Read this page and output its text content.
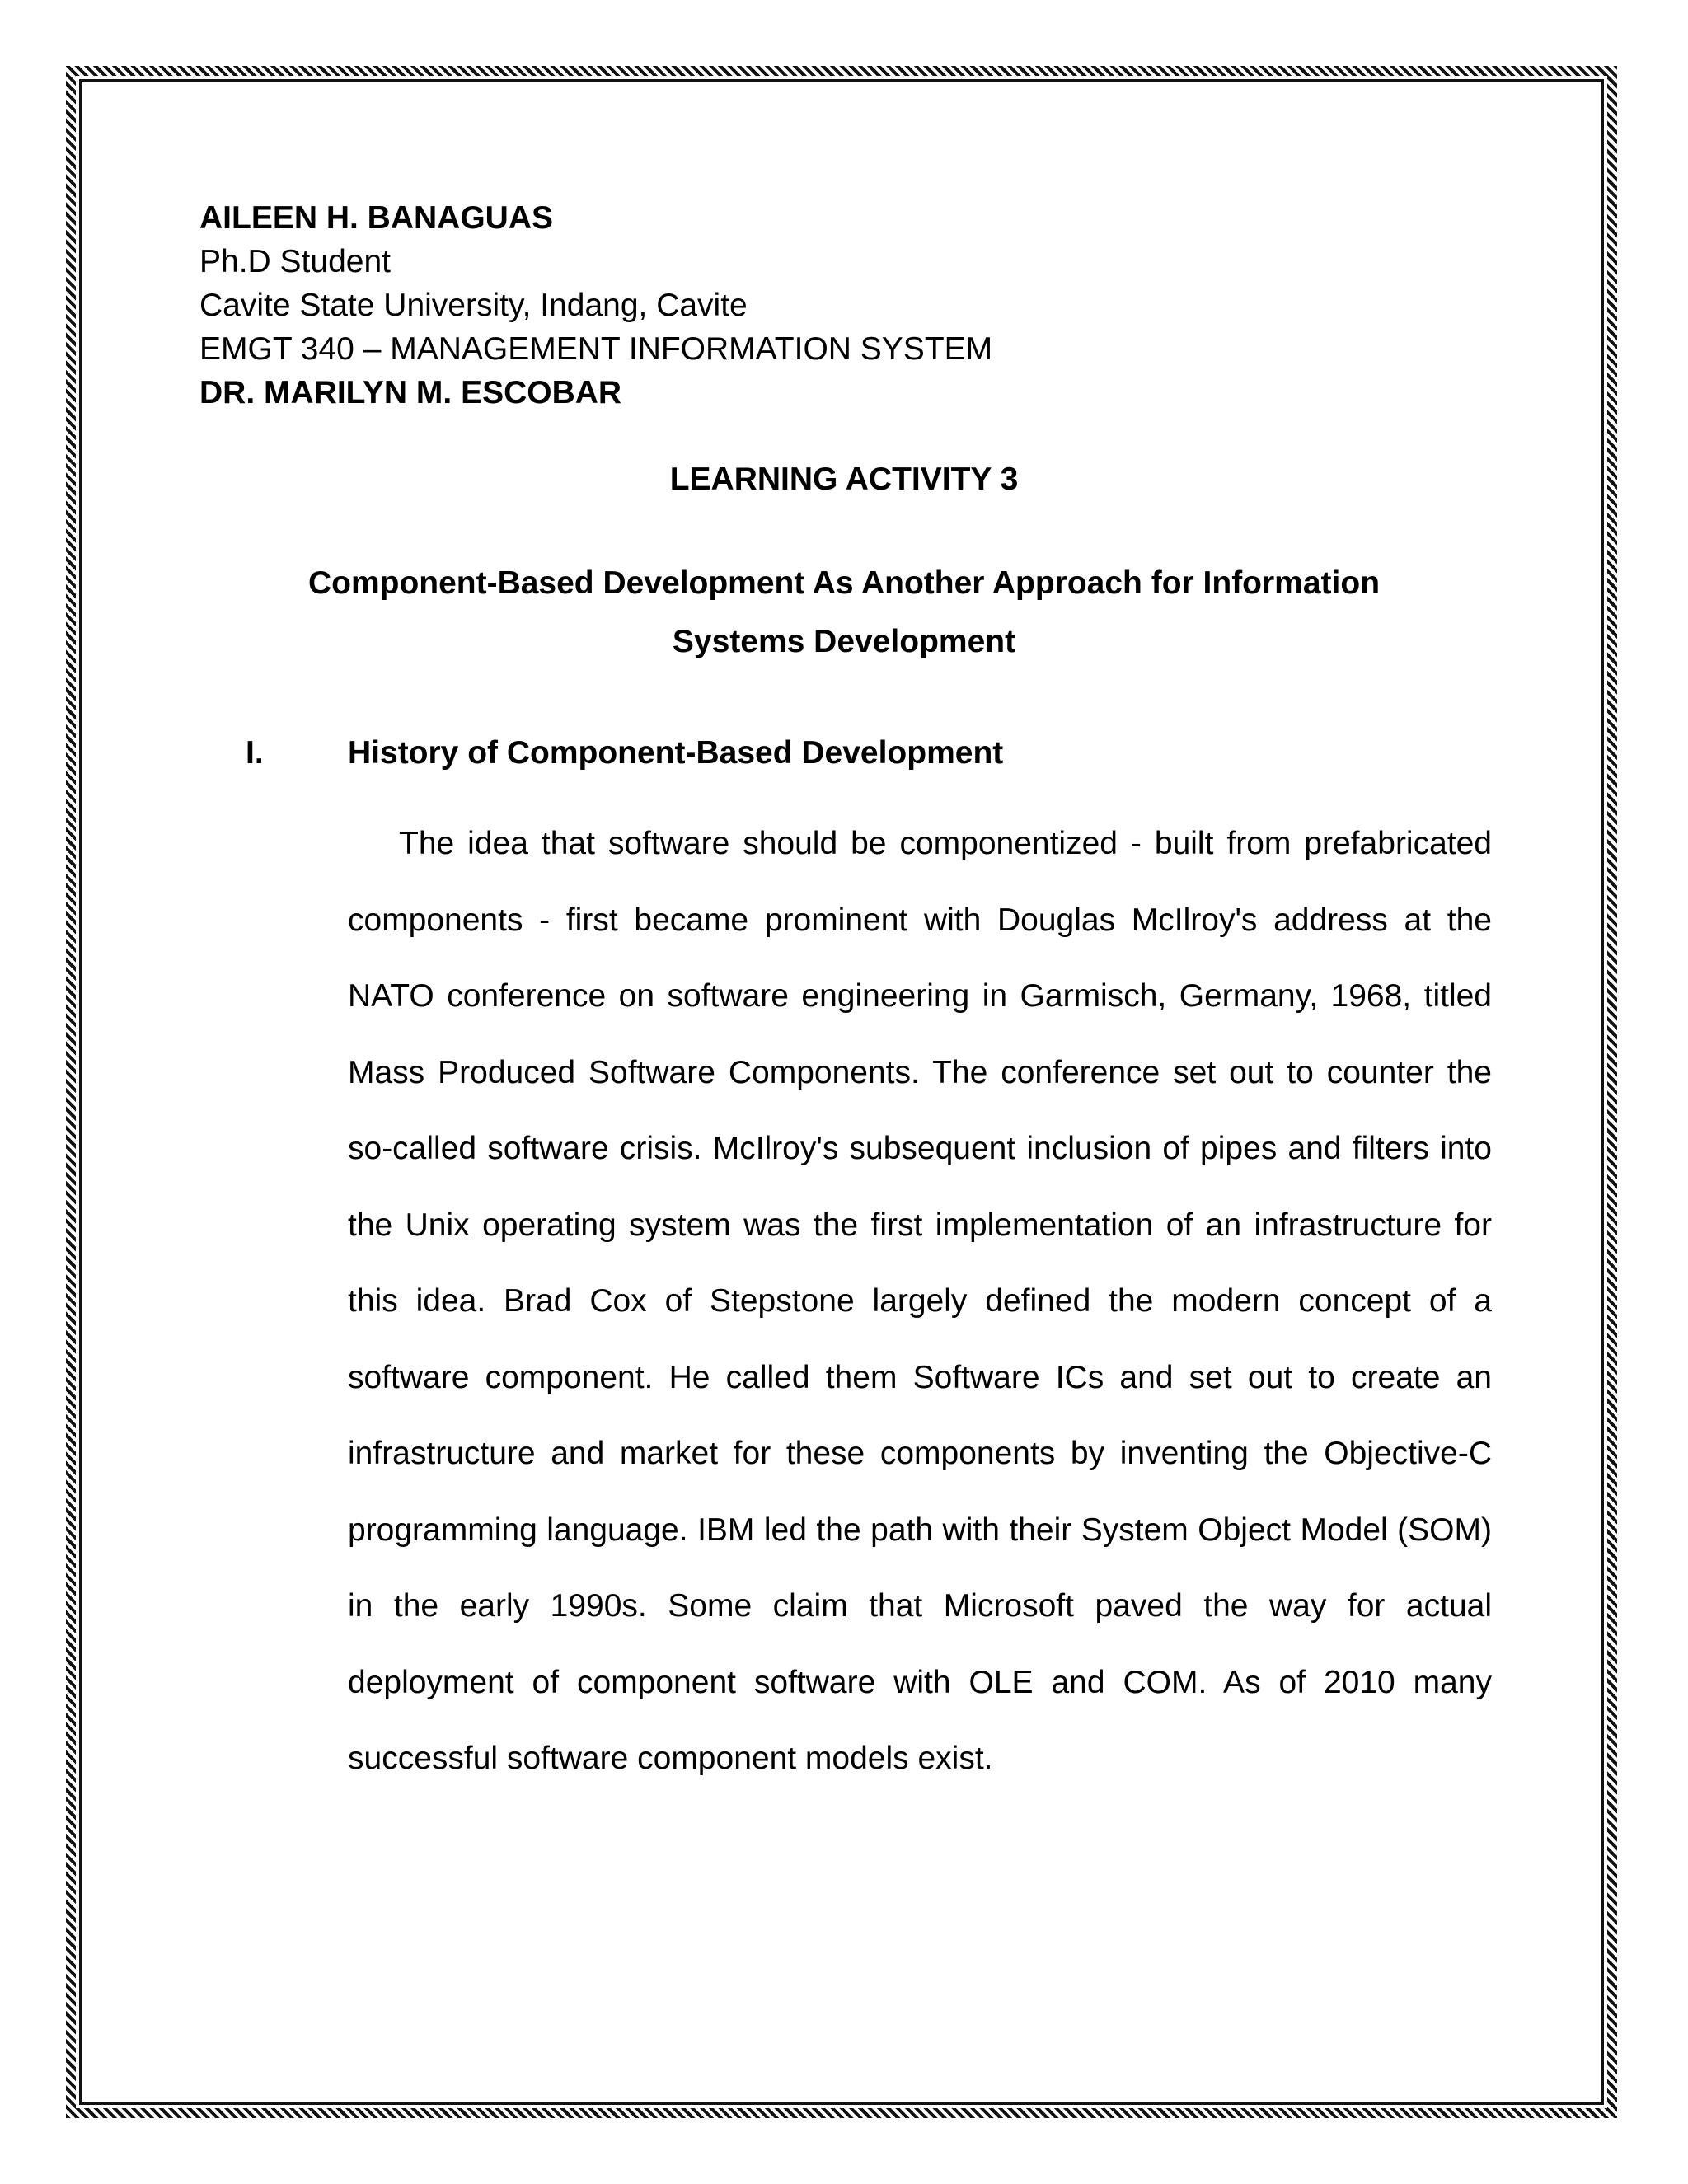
AILEEN H. BANAGUAS
Ph.D Student
Cavite State University, Indang, Cavite
EMGT 340 – MANAGEMENT INFORMATION SYSTEM
DR. MARILYN M. ESCOBAR
LEARNING ACTIVITY 3
Component-Based Development As Another Approach for Information Systems Development
I.	History of Component-Based Development

The idea that software should be componentized - built from prefabricated components - first became prominent with Douglas McIlroy's address at the NATO conference on software engineering in Garmisch, Germany, 1968, titled Mass Produced Software Components. The conference set out to counter the so-called software crisis. McIlroy's subsequent inclusion of pipes and filters into the Unix operating system was the first implementation of an infrastructure for this idea. Brad Cox of Stepstone largely defined the modern concept of a software component. He called them Software ICs and set out to create an infrastructure and market for these components by inventing the Objective-C programming language. IBM led the path with their System Object Model (SOM) in the early 1990s. Some claim that Microsoft paved the way for actual deployment of component software with OLE and COM. As of 2010 many successful software component models exist.
